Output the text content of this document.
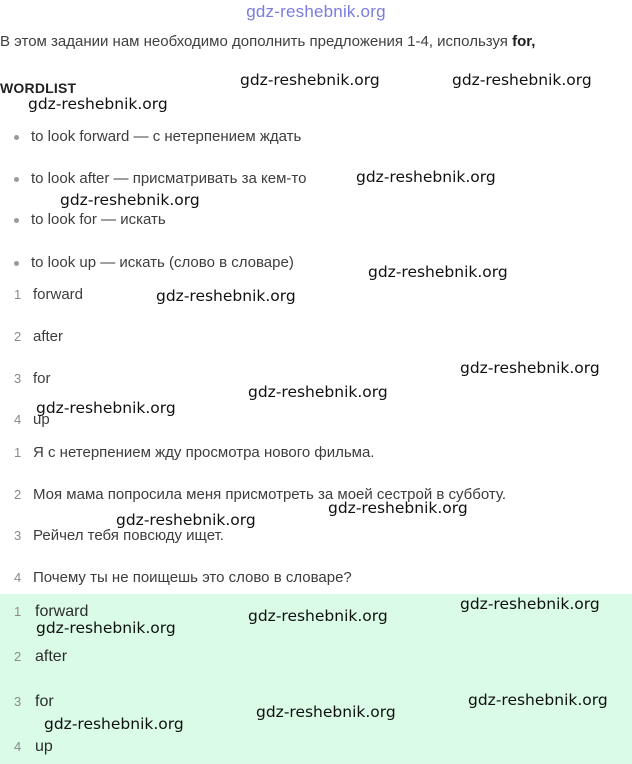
gdz-reshebnik.org
В этом задании нам необходимо дополнить предложения 1-4, используя for,
WORDLIST
to look forward — с нетерпением ждать
to look after — присматривать за кем-то
to look for — искать
to look up — искать (слово в словаре)
1 forward
2 after
3 for
4 up
1 Я с нетерпением жду просмотра нового фильма.
2 Моя мама попросила меня присмотреть за моей сестрой в субботу.
3 Рейчел тебя повсюду ищет.
4 Почему ты не поищешь это слово в словаре?
1 forward
2 after
3 for
4 up
gdz-reshebnik.org	gdz-reshebnik.org
gdz-reshebnik.org
gdz-reshebnik.org
gdz-reshebnik.org
gdz-reshebnik.org
gdz-reshebnik.org
gdz-reshebnik.org
gdz-reshebnik.org
gdz-reshebnik.org
gdz-reshebnik.org
gdz-reshebnik.org
gdz-reshebnik.org
gdz-reshebnik.org
gdz-reshebnik.org
gdz-reshebnik.org
gdz-reshebnik.org
gdz-reshebnik.org
